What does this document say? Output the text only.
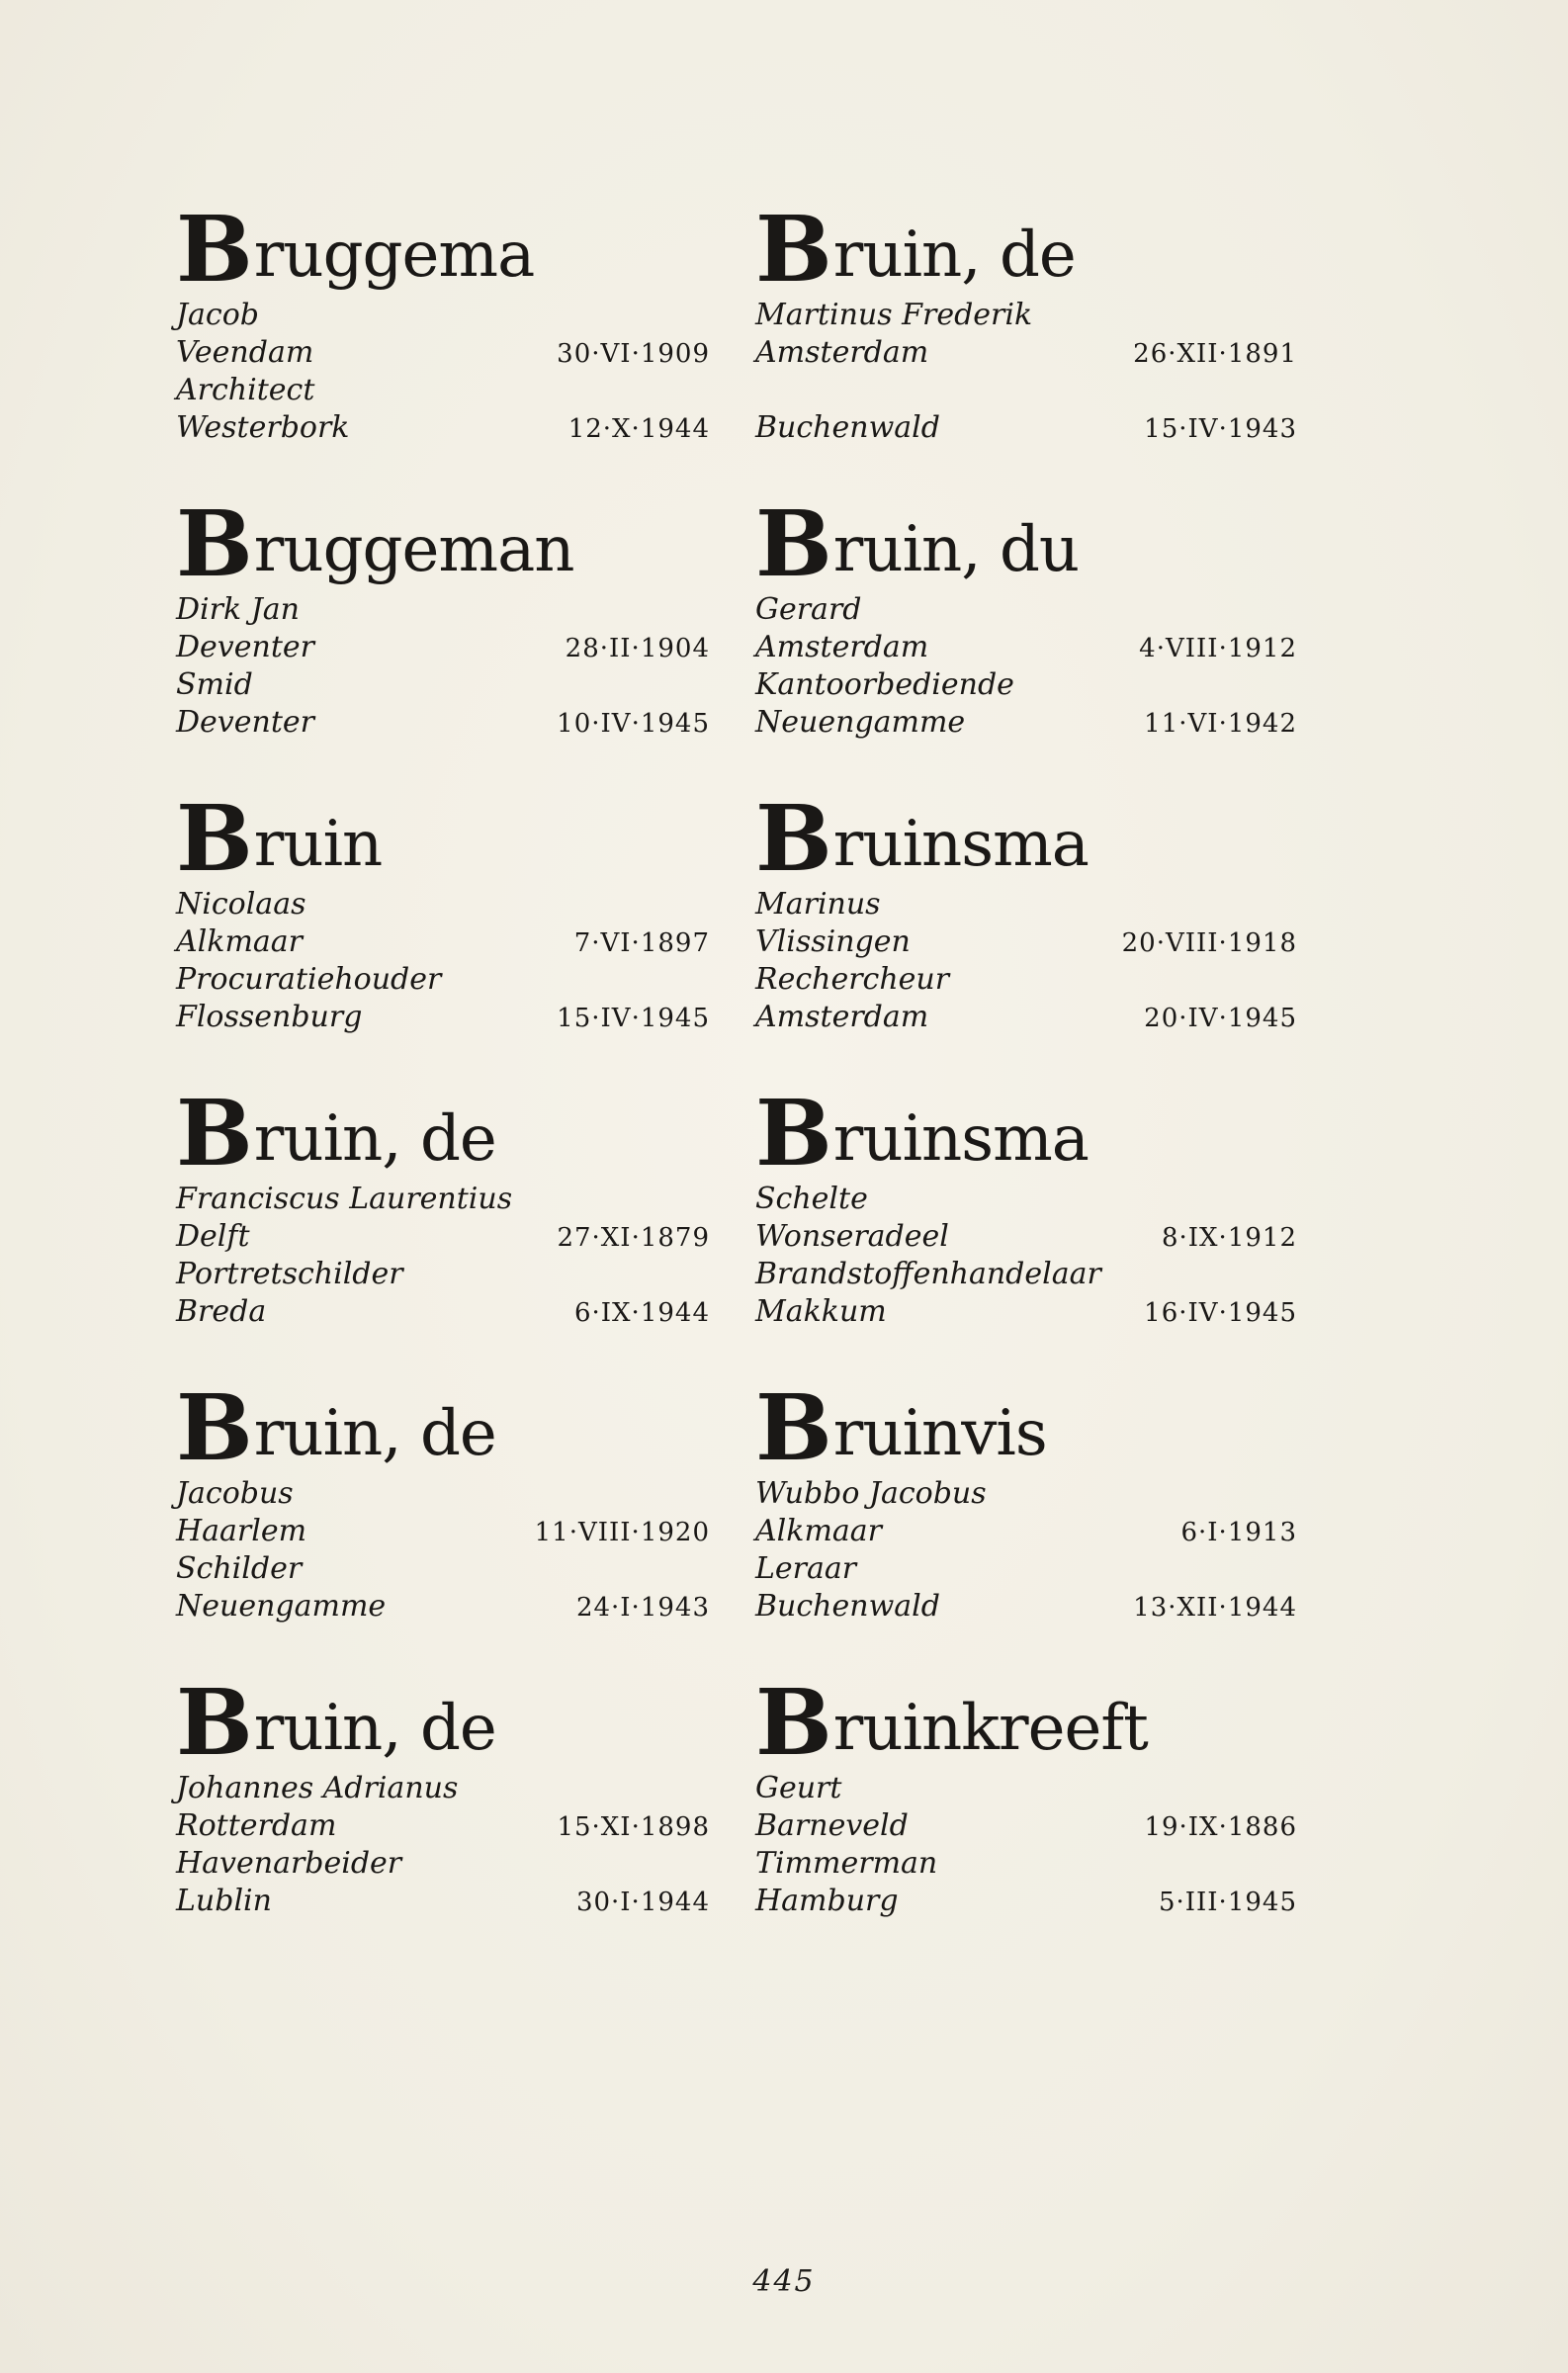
B ruggema
Jacob
Veendam	30·VI·1909
Architect
Westerbork	12·X·1944
B ruggeman
Dirk Jan
Deventer	28·II·1904
Smid
Deventer	10·IV·1945
B ruin
Nicolaas
Alkmaar	7·VI·1897
Procuratiehouder
Flossenburg	15·IV·1945
B ruin, de
Franciscus Laurentius
Delft	27·XI·1879
Portretschilder
Breda	6·IX·1944
B ruin, de
Jacobus
Haarlem	11·VIII·1920
Schilder
Neuengamme	24·I·1943
B ruin, de
Johannes Adrianus
Rotterdam	15·XI·1898
Havenarbeider
Lublin	30·I·1944
B ruin, de
Martinus Frederik
Amsterdam	26·XII·1891
Buchenwald	15·IV·1943
B ruin, du
Gerard
Amsterdam	4·VIII·1912
Kantoorbediende
Neuengamme	11·VI·1942
B ruinsma
Marinus
Vlissingen	20·VIII·1918
Rechercheur
Amsterdam	20·IV·1945
B ruinsma
Schelte
Wonseradeel	8·IX·1912
Brandstoffenhandelaar
Makkum	16·IV·1945
B ruinvis
Wubbo Jacobus
Alkmaar	6·I·1913
Leraar
Buchenwald	13·XII·1944
B ruinkreeft
Geurt
Barneveld	19·IX·1886
Timmerman
Hamburg	5·III·1945
445
